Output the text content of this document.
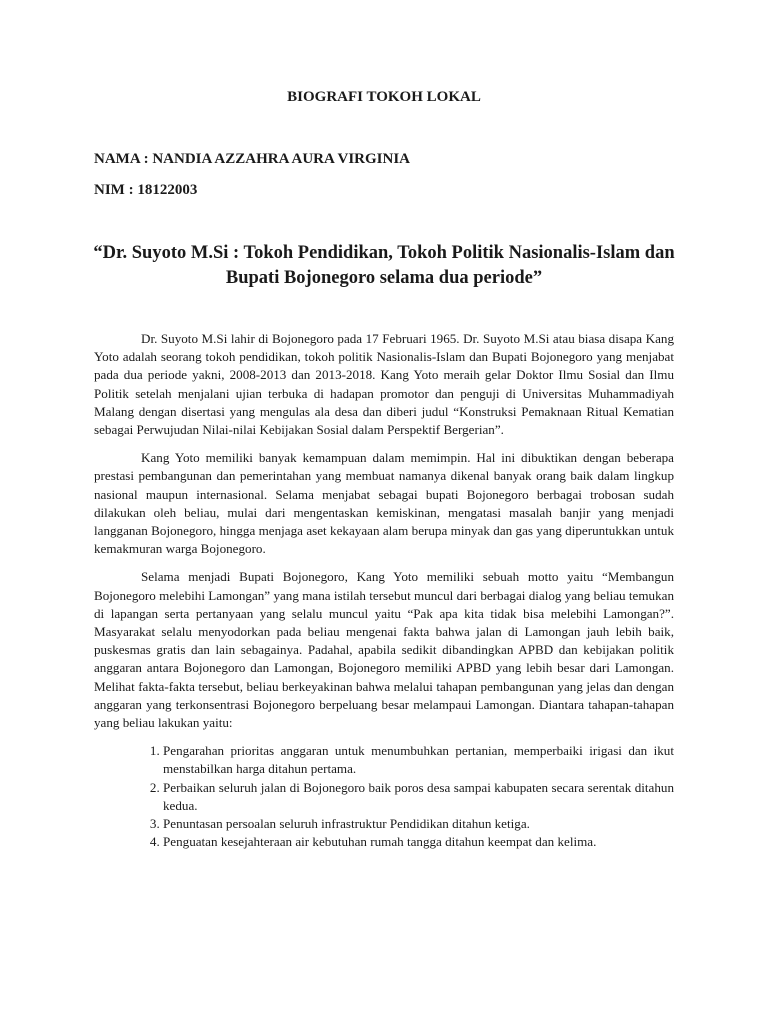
BIOGRAFI TOKOH LOKAL
NAMA : NANDIA AZZAHRA AURA VIRGINIA
NIM : 18122003
“Dr. Suyoto M.Si : Tokoh Pendidikan, Tokoh Politik Nasionalis-Islam dan Bupati Bojonegoro selama dua periode”

Dr. Suyoto M.Si lahir di Bojonegoro pada 17 Februari 1965. Dr. Suyoto M.Si atau biasa disapa Kang Yoto adalah seorang tokoh pendidikan, tokoh politik Nasionalis-Islam dan Bupati Bojonegoro yang menjabat pada dua periode yakni, 2008-2013 dan 2013-2018. Kang Yoto meraih gelar Doktor Ilmu Sosial dan Ilmu Politik setelah menjalani ujian terbuka di hadapan promotor dan penguji di Universitas Muhammadiyah Malang dengan disertasi yang mengulas ala desa dan diberi judul “Konstruksi Pemaknaan Ritual Kematian sebagai Perwujudan Nilai-nilai Kebijakan Sosial dalam Perspektif Bergerian”.

Kang Yoto memiliki banyak kemampuan dalam memimpin. Hal ini dibuktikan dengan beberapa prestasi pembangunan dan pemerintahan yang membuat namanya dikenal banyak orang baik dalam lingkup nasional maupun internasional. Selama menjabat sebagai bupati Bojonegoro berbagai trobosan sudah dilakukan oleh beliau, mulai dari mengentaskan kemiskinan, mengatasi masalah banjir yang menjadi langganan Bojonegoro, hingga menjaga aset kekayaan alam berupa minyak dan gas yang diperuntukkan untuk kemakmuran warga Bojonegoro.

Selama menjadi Bupati Bojonegoro, Kang Yoto memiliki sebuah motto yaitu “Membangun Bojonegoro melebihi Lamongan” yang mana istilah tersebut muncul dari berbagai dialog yang beliau temukan di lapangan serta pertanyaan yang selalu muncul yaitu “Pak apa kita tidak bisa melebihi Lamongan?”. Masyarakat selalu menyodorkan pada beliau mengenai fakta bahwa jalan di Lamongan jauh lebih baik, puskesmas gratis dan lain sebagainya. Padahal, apabila sedikit dibandingkan APBD dan kebijakan politik anggaran antara Bojonegoro dan Lamongan, Bojonegoro memiliki APBD yang lebih besar dari Lamongan. Melihat fakta-fakta tersebut, beliau berkeyakinan bahwa melalui tahapan pembangunan yang jelas dan dengan anggaran yang terkonsentrasi Bojonegoro berpeluang besar melampaui Lamongan. Diantara tahapan-tahapan yang beliau lakukan yaitu:

1. Pengarahan prioritas anggaran untuk menumbuhkan pertanian, memperbaiki irigasi dan ikut menstabilkan harga ditahun pertama.
2. Perbaikan seluruh jalan di Bojonegoro baik poros desa sampai kabupaten secara serentak ditahun kedua.
3. Penuntasan persoalan seluruh infrastruktur Pendidikan ditahun ketiga.
4. Penguatan kesejahteraan air kebutuhan rumah tangga ditahun keempat dan kelima.
